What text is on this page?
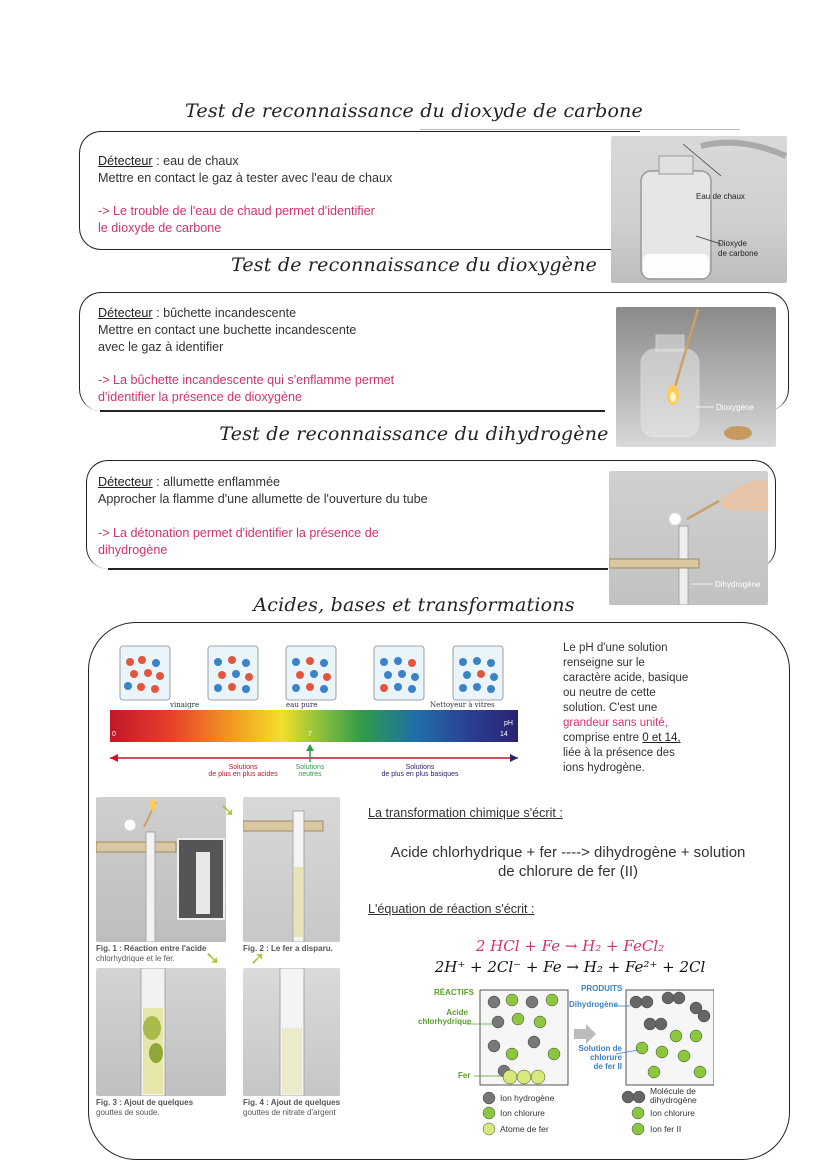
Test de reconnaissance du dioxyde de carbone
Détecteur : eau de chaux
Mettre en contact le gaz à tester avec l'eau de chaux
-> Le trouble de l'eau de chaud permet d'identifier
le dioxyde de carbone
Eau de chaux
Dioxyde
de carbone
Test de reconnaissance du dioxygène
Détecteur : bûchette incandescente
Mettre en contact une buchette incandescente
avec le gaz à identifier
-> La bûchette incandescente qui s'enflamme permet
d'identifier la présence de dioxygène
Dioxygène
Test de reconnaissance du dihydrogène
Détecteur : allumette enflammée
Approcher la flamme d'une allumette de l'ouverture du tube
-> La détonation permet d'identifier la présence de
dihydrogène
Dihydrogène
Acides, bases et transformations
vinaigre	eau pure	Nettoyeur à vitres
0	7	14
pH
Solutions
de plus en plus acides
Solutions
neutres
Solutions
de plus en plus basiques
Le pH d'une solution
renseigne sur le
caractère acide, basique
ou neutre de cette
solution. C'est une
grandeur sans unité,
comprise entre 0 et 14,
liée à la présence des
ions hydrogène.
Fig. 1 : Réaction entre l'acide
chlorhydrique et le fer.
➘
Fig. 2 : Le fer a disparu.
➘ ➚
Fig. 3 : Ajout de quelques
gouttes de soude.
Fig. 4 : Ajout de quelques
gouttes de nitrate d'argent
La transformation chimique s'écrit :
Acide chlorhydrique + fer ----> dihydrogène + solution
de chlorure de fer (II)
L'équation de réaction s'écrit :
2 HCl + Fe → H₂ + FeCl₂
2H⁺ + 2Cl⁻ + Fe → H₂ + Fe²⁺ + 2Cl
RÉACTIFS	PRODUITS
Acide
chlorhydrique
Fer
Dihydrogène
Solution de
chlorure
de fer II
Ion hydrogène
Ion chlorure
Atome de fer
Molécule de
dihydrogène
Ion chlorure
Ion fer II
